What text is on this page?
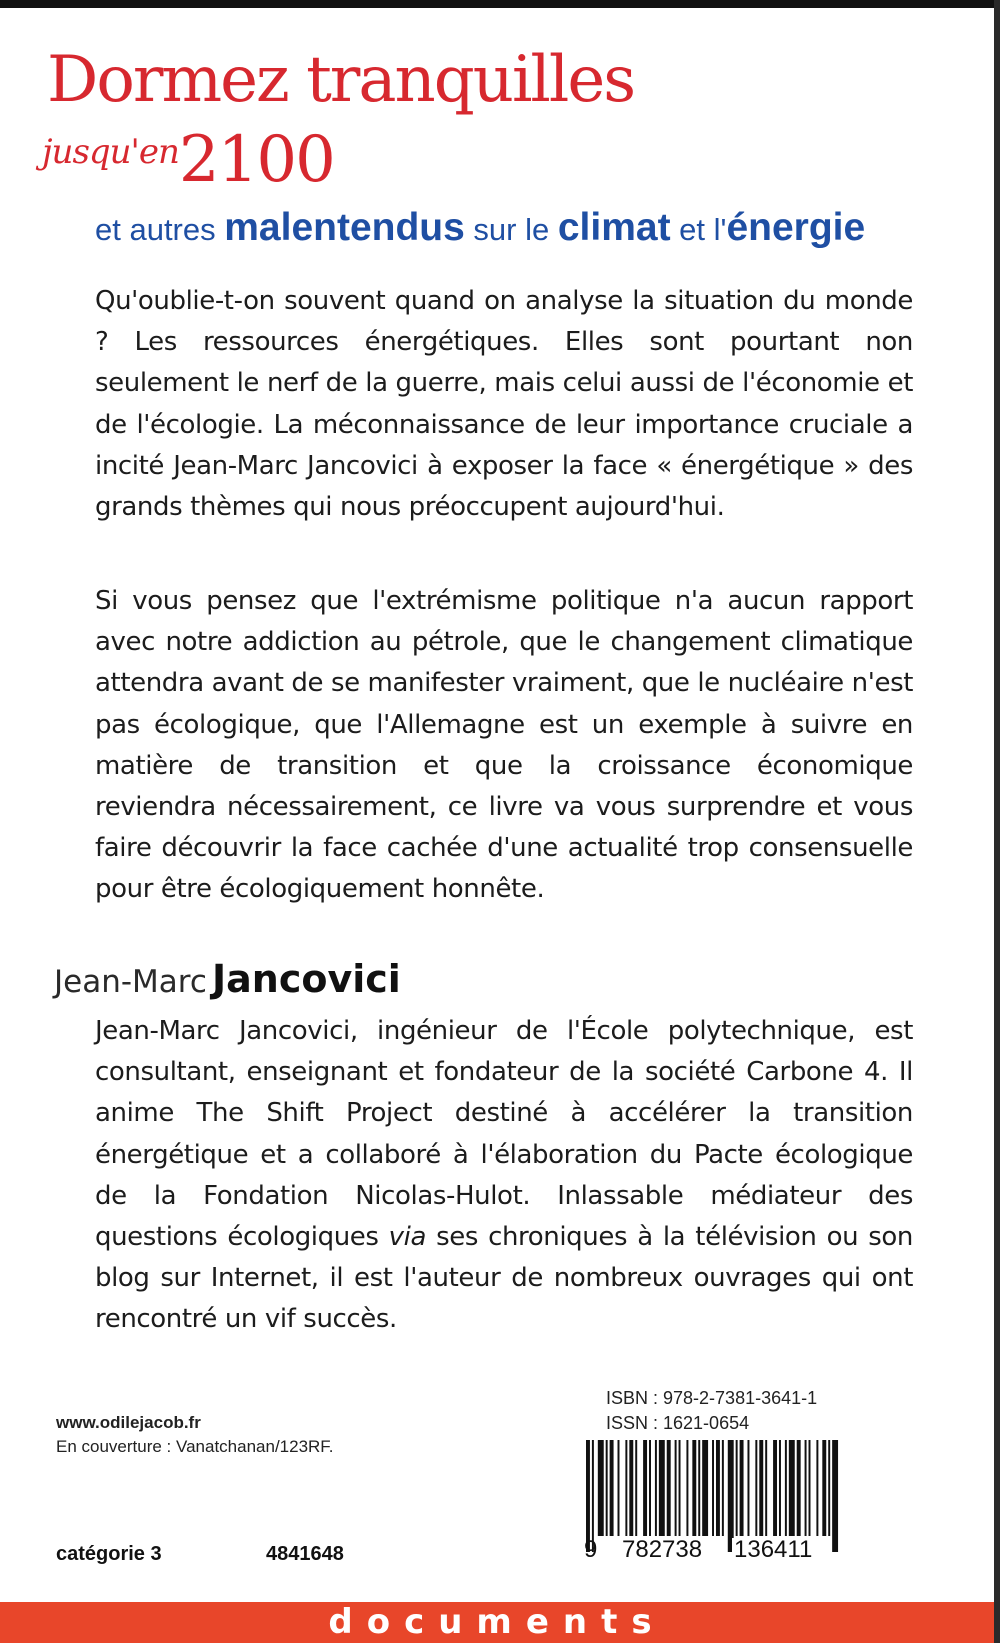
Dormez tranquilles
jusqu'en2100
et autres malentendus sur le climat et l'énergie

Qu'oublie-t-on souvent quand on analyse la situation du monde ? Les ressources énergétiques. Elles sont pourtant non seulement le nerf de la guerre, mais celui aussi de l'économie et de l'écologie. La méconnaissance de leur importance cruciale a incité Jean-Marc Jancovici à exposer la face « énergétique » des grands thèmes qui nous préoccupent aujourd'hui.

Si vous pensez que l'extrémisme politique n'a aucun rapport avec notre addiction au pétrole, que le changement climatique attendra avant de se manifester vraiment, que le nucléaire n'est pas écologique, que l'Allemagne est un exemple à suivre en matière de transition et que la croissance économique reviendra nécessairement, ce livre va vous surprendre et vous faire découvrir la face cachée d'une actualité trop consensuelle pour être écologiquement honnête.

Jean-Marc Jancovici

Jean-Marc Jancovici, ingénieur de l'École polytechnique, est consultant, enseignant et fondateur de la société Carbone 4. Il anime The Shift Project destiné à accélérer la transition énergétique et a collaboré à l'élaboration du Pacte écologique de la Fondation Nicolas-Hulot. Inlassable médiateur des questions écologiques via ses chroniques à la télévision ou son blog sur Internet, il est l'auteur de nombreux ouvrages qui ont rencontré un vif succès.

www.odilejacob.fr
En couverture : Vanatchanan/123RF.
catégorie 3	4841648
ISBN : 978-2-7381-3641-1
ISSN : 1621-0654
9 782738 136411
documents
